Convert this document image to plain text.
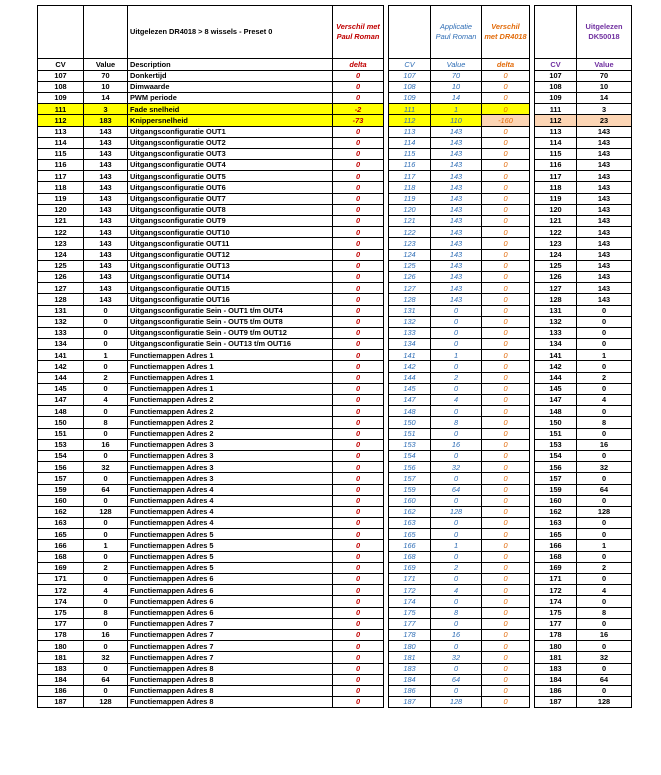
		Uitgelezen DR4018 > 8 wissels - Preset 0	Verschil met Paul Roman			Applicatie Paul Roman	Verschil met DR4018			Uitgelezen DK50018
CV	Value	Description	delta		CV	Value	delta		CV	Value
107	70	Donkertijd	0		107	70	0		107	70
108	10	Dimwaarde	0		108	10	0		108	10
109	14	PWM periode	0		109	14	0		109	14
111	3	Fade snelheid	-2		111	1	0		111	3
112	183	Knippersnelheid	-73		112	110	-160		112	23
113	143	Uitgangsconfiguratie OUT1	0		113	143	0		113	143
114	143	Uitgangsconfiguratie OUT2	0		114	143	0		114	143
115	143	Uitgangsconfiguratie OUT3	0		115	143	0		115	143
116	143	Uitgangsconfiguratie OUT4	0		116	143	0		116	143
117	143	Uitgangsconfiguratie OUT5	0		117	143	0		117	143
118	143	Uitgangsconfiguratie OUT6	0		118	143	0		118	143
119	143	Uitgangsconfiguratie OUT7	0		119	143	0		119	143
120	143	Uitgangsconfiguratie OUT8	0		120	143	0		120	143
121	143	Uitgangsconfiguratie OUT9	0		121	143	0		121	143
122	143	Uitgangsconfiguratie OUT10	0		122	143	0		122	143
123	143	Uitgangsconfiguratie OUT11	0		123	143	0		123	143
124	143	Uitgangsconfiguratie OUT12	0		124	143	0		124	143
125	143	Uitgangsconfiguratie OUT13	0		125	143	0		125	143
126	143	Uitgangsconfiguratie OUT14	0		126	143	0		126	143
127	143	Uitgangsconfiguratie OUT15	0		127	143	0		127	143
128	143	Uitgangsconfiguratie OUT16	0		128	143	0		128	143
131	0	Uitgangsconfiguratie Sein - OUT1 t/m OUT4	0		131	0	0		131	0
132	0	Uitgangsconfiguratie Sein - OUT5 t/m OUT8	0		132	0	0		132	0
133	0	Uitgangsconfiguratie Sein - OUT9 t/m OUT12	0		133	0	0		133	0
134	0	Uitgangsconfiguratie Sein - OUT13 t/m OUT16	0		134	0	0		134	0
141	1	Functiemappen Adres 1	0		141	1	0		141	1
142	0	Functiemappen Adres 1	0		142	0	0		142	0
144	2	Functiemappen Adres 1	0		144	2	0		144	2
145	0	Functiemappen Adres 1	0		145	0	0		145	0
147	4	Functiemappen Adres 2	0		147	4	0		147	4
148	0	Functiemappen Adres 2	0		148	0	0		148	0
150	8	Functiemappen Adres 2	0		150	8	0		150	8
151	0	Functiemappen Adres 2	0		151	0	0		151	0
153	16	Functiemappen Adres 3	0		153	16	0		153	16
154	0	Functiemappen Adres 3	0		154	0	0		154	0
156	32	Functiemappen Adres 3	0		156	32	0		156	32
157	0	Functiemappen Adres 3	0		157	0	0		157	0
159	64	Functiemappen Adres 4	0		159	64	0		159	64
160	0	Functiemappen Adres 4	0		160	0	0		160	0
162	128	Functiemappen Adres 4	0		162	128	0		162	128
163	0	Functiemappen Adres 4	0		163	0	0		163	0
165	0	Functiemappen Adres 5	0		165	0	0		165	0
166	1	Functiemappen Adres 5	0		166	1	0		166	1
168	0	Functiemappen Adres 5	0		168	0	0		168	0
169	2	Functiemappen Adres 5	0		169	2	0		169	2
171	0	Functiemappen Adres 6	0		171	0	0		171	0
172	4	Functiemappen Adres 6	0		172	4	0		172	4
174	0	Functiemappen Adres 6	0		174	0	0		174	0
175	8	Functiemappen Adres 6	0		175	8	0		175	8
177	0	Functiemappen Adres 7	0		177	0	0		177	0
178	16	Functiemappen Adres 7	0		178	16	0		178	16
180	0	Functiemappen Adres 7	0		180	0	0		180	0
181	32	Functiemappen Adres 7	0		181	32	0		181	32
183	0	Functiemappen Adres 8	0		183	0	0		183	0
184	64	Functiemappen Adres 8	0		184	64	0		184	64
186	0	Functiemappen Adres 8	0		186	0	0		186	0
187	128	Functiemappen Adres 8	0		187	128	0		187	128
